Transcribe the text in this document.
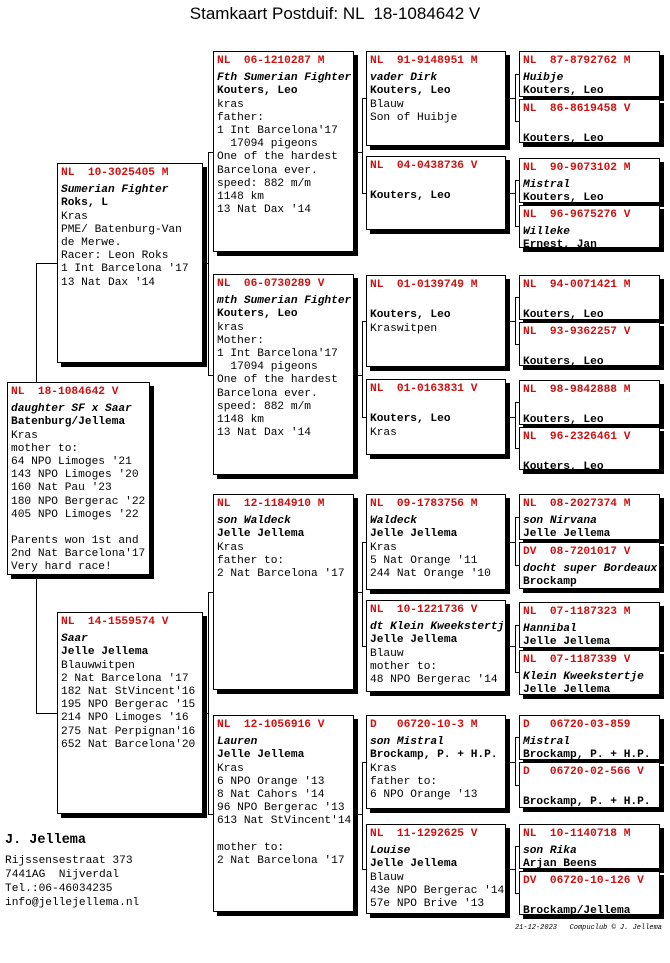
Stamkaart Postduif: NL  18-1084642 V
NL  10-3025405 M
Sumerian Fighter
Roks, L
Kras
PME/ Batenburg-Van
de Merwe.
Racer: Leon Roks
1 Int Barcelona '17
13 Nat Dax '14
NL  18-1084642 V
daughter SF x Saar
Batenburg/Jellema
Kras
mother to:
64 NPO Limoges '21
143 NPO Limoges '20
160 Nat Pau '23
180 NPO Bergerac '22
405 NPO Limoges '22
Parents won 1st and
2nd Nat Barcelona'17
Very hard race!
NL  14-1559574 V
Saar
Jelle Jellema
Blauwwitpen
2 Nat Barcelona '17
182 Nat StVincent'16
195 NPO Bergerac '15
214 NPO Limoges '16
275 Nat Perpignan'16
652 Nat Barcelona'20
NL  06-1210287 M
Fth Sumerian Fighter
Kouters, Leo
kras
father:
1 Int Barcelona'17
17094 pigeons
One of the hardest
Barcelona ever.
speed: 882 m/m
1148 km
13 Nat Dax '14
NL  06-0730289 V
mth Sumerian Fighter
Kouters, Leo
kras
Mother:
1 Int Barcelona'17
17094 pigeons
One of the hardest
Barcelona ever.
speed: 882 m/m
1148 km
13 Nat Dax '14
NL  12-1184910 M
son Waldeck
Jelle Jellema
Kras
father to:
2 Nat Barcelona '17
NL  12-1056916 V
Lauren
Jelle Jellema
Kras
6 NPO Orange '13
8 Nat Cahors '14
96 NPO Bergerac '13
613 Nat StVincent'14
mother to:
2 Nat Barcelona '17
NL  91-9148951 M
vader Dirk
Kouters, Leo
Blauw
Son of Huibje
NL  04-0438736 V
Kouters, Leo
NL  01-0139749 M
Kouters, Leo
Kraswitpen
NL  01-0163831 V
Kouters, Leo
Kras
NL  09-1783756 M
Waldeck
Jelle Jellema
Kras
5 Nat Orange '11
244 Nat Orange '10
NL  10-1221736 V
dt Klein Kweekstertj
Jelle Jellema
Blauw
mother to:
48 NPO Bergerac '14
D   06720-10-3 M
son Mistral
Brockamp, P. + H.P.
Kras
father to:
6 NPO Orange '13
NL  11-1292625 V
Louise
Jelle Jellema
Blauw
43e NPO Bergerac '14
57e NPO Brive '13
NL  87-8792762 M
Huibje
Kouters, Leo
NL  86-8619458 V
Kouters, Leo
NL  90-9073102 M
Mistral
Kouters, Leo
NL  96-9675276 V
Willeke
Ernest, Jan
NL  94-0071421 M
Kouters, Leo
NL  93-9362257 V
Kouters, Leo
NL  98-9842888 M
Kouters, Leo
NL  96-2326461 V
Kouters, Leo
NL  08-2027374 M
son Nirvana
Jelle Jellema
DV  08-7201017 V
docht super Bordeaux
Brockamp
NL  07-1187323 M
Hannibal
Jelle Jellema
NL  07-1187339 V
Klein Kweekstertje
Jelle Jellema
D   06720-03-859
Mistral
Brockamp, P. + H.P.
D   06720-02-566 V
Brockamp, P. + H.P.
NL  10-1140718 M
son Rika
Arjan Beens
DV  06720-10-126 V
Brockamp/Jellema
J. Jellema
Rijssensestraat 373
7441AG  Nijverdal
Tel.:06-46034235
info@jellejellema.nl
21-12-2023   Compuclub © J. Jellema
